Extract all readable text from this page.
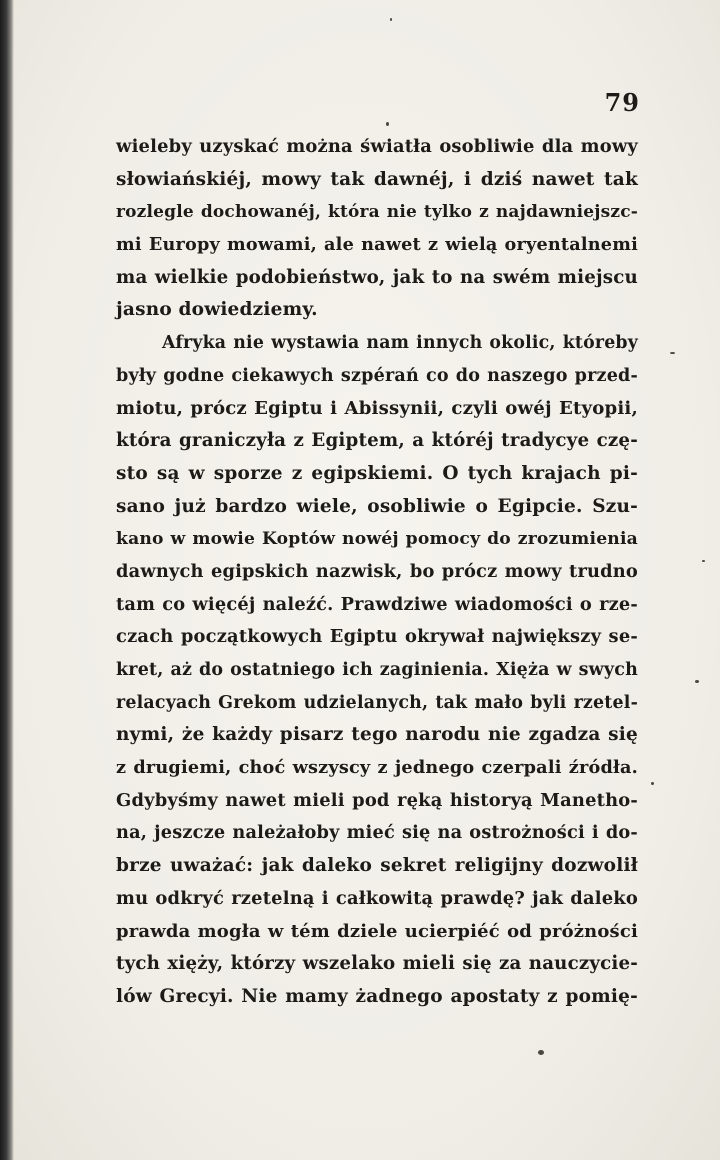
79
wieleby uzyskać można światła osobliwie dla mowy
słowiańskiéj, mowy tak dawnéj, i dziś nawet tak
rozlegle dochowanéj, która nie tylko z najdawniejszc-
mi Europy mowami, ale nawet z wielą oryentalnemi
ma wielkie podobieństwo, jak to na swém miejscu
jasno dowiedziemy.
Afryka nie wystawia nam innych okolic, któreby
były godne ciekawych szpérań co do naszego przed-
miotu, prócz Egiptu i Abissynii, czyli owéj Etyopii,
która graniczyła z Egiptem, a któréj tradycye czę-
sto są w sporze z egipskiemi. O tych krajach pi-
sano już bardzo wiele, osobliwie o Egipcie. Szu-
kano w mowie Koptów nowéj pomocy do zrozumienia
dawnych egipskich nazwisk, bo prócz mowy trudno
tam co więcéj naleźć. Prawdziwe wiadomości o rze-
czach początkowych Egiptu okrywał największy se-
kret, aż do ostatniego ich zaginienia. Xięża w swych
relacyach Grekom udzielanych, tak mało byli rzetel-
nymi, że każdy pisarz tego narodu nie zgadza się
z drugiemi, choć wszyscy z jednego czerpali źródła.
Gdybyśmy nawet mieli pod ręką historyą Manetho-
na, jeszcze należałoby mieć się na ostrożności i do-
brze uważać: jak daleko sekret religijny dozwolił
mu odkryć rzetelną i całkowitą prawdę? jak daleko
prawda mogła w tém dziele ucierpiéć od próżności
tych xięży, którzy wszelako mieli się za nauczycie-
lów Grecyi. Nie mamy żadnego apostaty z pomię-
